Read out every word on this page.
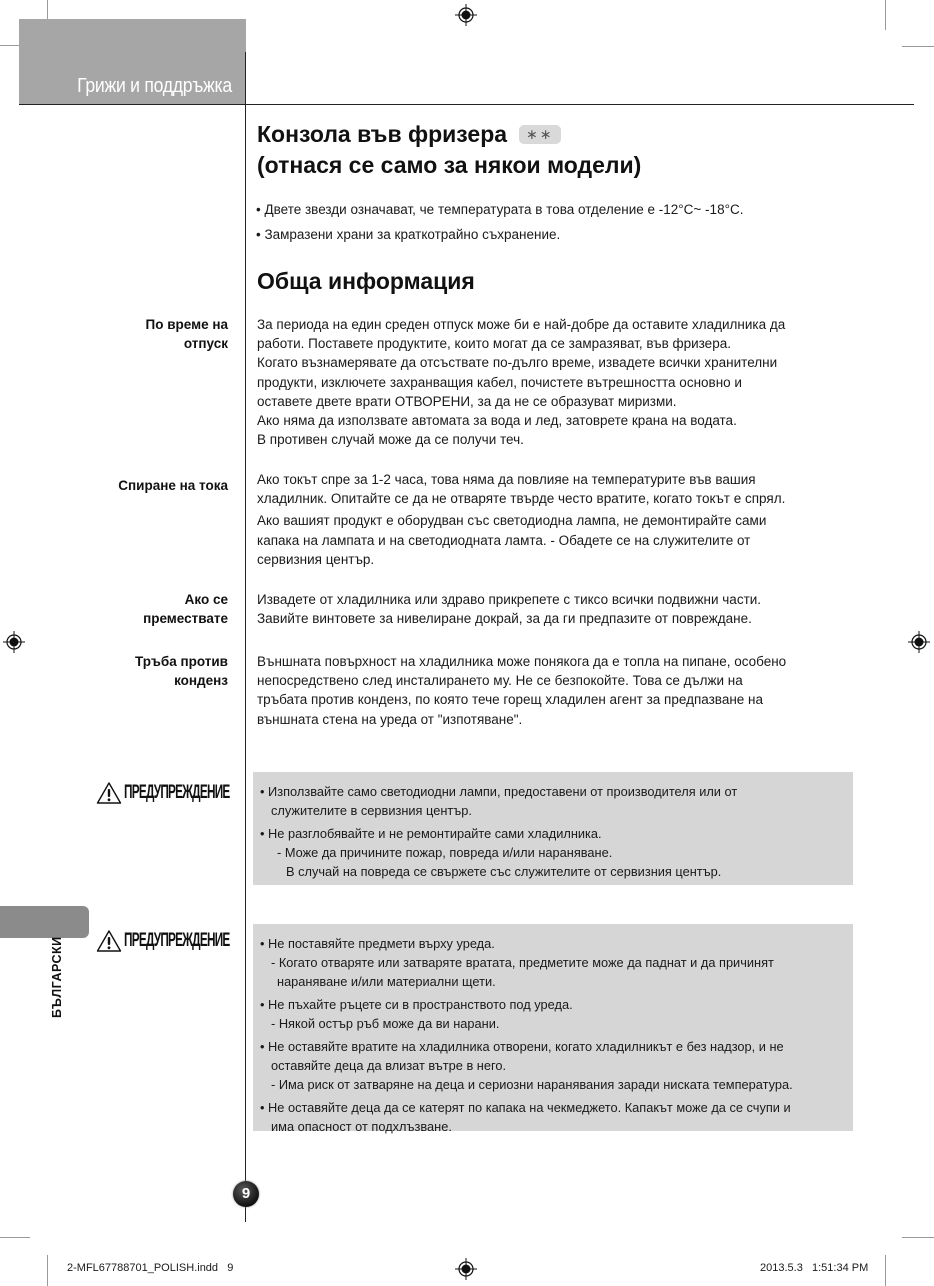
Грижи и поддръжка
Конзола във фризера ∗∗
(отнася се само за някои модели)
• Двете звезди означават, че температурата в това отделение е -12°C~ -18°C.
• Замразени храни за краткотрайно съхранение.
Обща информация
По време на
отпуск
За периода на един среден отпуск може би е най-добре да оставите хладилника да
работи. Поставете продуктите, които могат да се замразяват, във фризера.
Когато възнамерявате да отсъствате по-дълго време, извадете всички хранителни
продукти, изключете захранващия кабел, почистете вътрешността основно и
оставете двете врати ОТВОРЕНИ, за да не се образуват миризми.
Ако няма да използвате автомата за вода и лед, затоврете крана на водата.
В противен случай може да се получи теч.
Спиране на тока Ако токът спре за 1-2 часа, това няма да повлияе на температурите във вашия
хладилник. Опитайте се да не отваряте твърде често вратите, когато токът е спрял.
Ако вашият продукт е оборудван със светодиодна лампа, не демонтирайте сами
капака на лампата и на светодиодната ламта. - Обадете се на служителите от
сервизния център.
Ако се
премествате
Извадете от хладилника или здраво прикрепете с тиксо всички подвижни части.
Завийте винтовете за нивелиране докрай, за да ги предпазите от повреждане.
Тръба против
конденз
Външната повърхност на хладилника може понякога да е топла на пипане, особено
непосредствено след инсталирането му. Не се безпокойте. Това се дължи на
тръбата против конденз, по която тече горещ хладилен агент за предпазване на
външната стена на уреда от "изпотяване".
ПРЕДУПРЕЖДЕНИЕ • Използвайте само светодиодни лампи, предоставени от производителя или от
служителите в сервизния център.
• Не разглобявайте и не ремонтирайте сами хладилника.
- Може да причините пожар, повреда и/или нараняване.
В случай на повреда се свържете със служителите от сервизния център.
БЪЛГАРСКИ	ПРЕДУПРЕЖДЕНИЕ • Не поставяйте предмети върху уреда.
- Когато отваряте или затваряте вратата, предметите може да паднат и да причинят
нараняване и/или материални щети.
• Не пъхайте ръцете си в пространството под уреда.
- Някой остър ръб може да ви нарани.
• Не оставяйте вратите на хладилника отворени, когато хладилникът е без надзор, и не
оставяйте деца да влизат вътре в него.
- Има риск от затваряне на деца и сериозни наранявания заради ниската температура.
• Не оставяйте деца да се катерят по капака на чекмеджето. Капакът може да се счупи и
има опасност от подхлъзване.
9
2-MFL67788701_POLISH.indd   9	2013.5.3   1:51:34 PM
